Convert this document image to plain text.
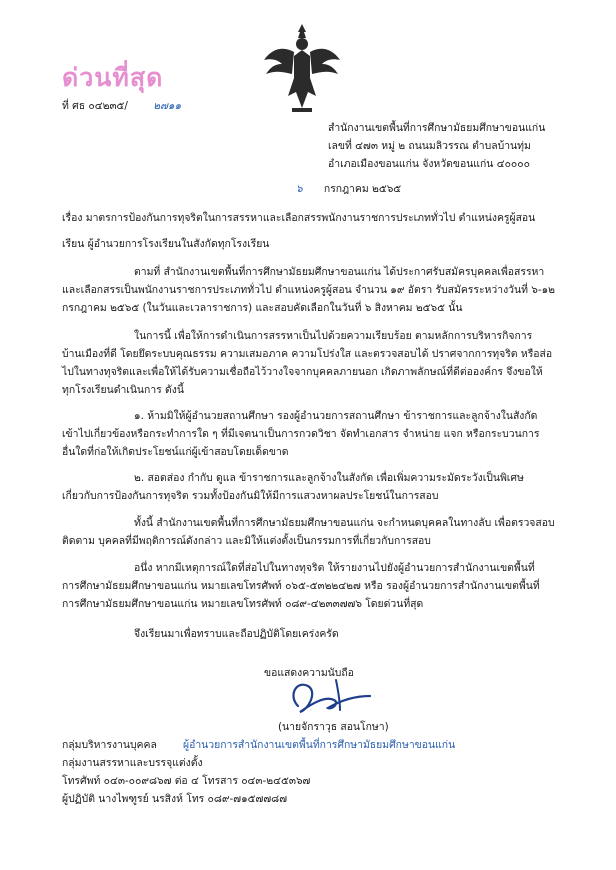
ด่วนที่สุด
ที่ ศธ ๐๔๒๓๕/ ๒๗๑๑
สำนักงานเขตพื้นที่การศึกษามัธยมศึกษาขอนแก่น
เลขที่ ๔๗๓ หมู่ ๒ ถนนมลิวรรณ ตำบลบ้านทุ่ม
อำเภอเมืองขอนแก่น จังหวัดขอนแก่น ๔๐๐๐๐
๖ กรกฎาคม ๒๕๖๕
เรื่อง มาตรการป้องกันการทุจริตในการสรรหาและเลือกสรรพนักงานราชการประเภททั่วไป ตำแหน่งครูผู้สอน
เรียน ผู้อำนวยการโรงเรียนในสังกัดทุกโรงเรียน
ตามที่ สำนักงานเขตพื้นที่การศึกษามัธยมศึกษาขอนแก่น ได้ประกาศรับสมัครบุคคลเพื่อสรรหา
และเลือกสรรเป็นพนักงานราชการประเภททั่วไป ตำแหน่งครูผู้สอน จำนวน ๑๙ อัตรา รับสมัครระหว่างวันที่ ๖-๑๒
กรกฎาคม ๒๕๖๕ (ในวันและเวลาราชการ) และสอบคัดเลือกในวันที่ ๖ สิงหาคม ๒๕๖๕ นั้น
ในการนี้ เพื่อให้การดำเนินการสรรหาเป็นไปด้วยความเรียบร้อย ตามหลักการบริหารกิจการ
บ้านเมืองที่ดี โดยยึดระบบคุณธรรม ความเสมอภาค ความโปร่งใส และตรวจสอบได้ ปราศจากการทุจริต หรือส่อ
ไปในทางทุจริตและเพื่อให้ได้รับความเชื่อถือไว้วางใจจากบุคคลภายนอก เกิดภาพลักษณ์ที่ดีต่อองค์กร จึงขอให้
ทุกโรงเรียนดำเนินการ ดังนี้
๑. ห้ามมิให้ผู้อำนวยสถานศึกษา รองผู้อำนวยการสถานศึกษา ข้าราชการและลูกจ้างในสังกัด
เข้าไปเกี่ยวข้องหรือกระทำการใด ๆ ที่มีเจตนาเป็นการกวดวิชา จัดทำเอกสาร จำหน่าย แจก หรือกระบวนการ
อื่นใดที่ก่อให้เกิดประโยชน์แก่ผู้เข้าสอบโดยเด็ดขาด
๒. สอดส่อง กำกับ ดูแล ข้าราชการและลูกจ้างในสังกัด เพื่อเพิ่มความระมัดระวังเป็นพิเศษ
เกี่ยวกับการป้องกันการทุจริต รวมทั้งป้องกันมิให้มีการแสวงหาผลประโยชน์ในการสอบ
ทั้งนี้ สำนักงานเขตพื้นที่การศึกษามัธยมศึกษาขอนแก่น จะกำหนดบุคคลในทางลับ เพื่อตรวจสอบ
ติดตาม บุคคลที่มีพฤติการณ์ดังกล่าว และมิให้แต่งตั้งเป็นกรรมการที่เกี่ยวกับการสอบ
อนึ่ง หากมีเหตุการณ์ใดที่ส่อไปในทางทุจริต ให้รายงานไปยังผู้อำนวยการสำนักงานเขตพื้นที่
การศึกษามัธยมศึกษาขอนแก่น หมายเลขโทรศัพท์ ๐๖๕-๕๓๒๒๔๒๗ หรือ รองผู้อำนวยการสำนักงานเขตพื้นที่
การศึกษามัธยมศึกษาขอนแก่น หมายเลขโทรศัพท์ ๐๘๙-๔๒๓๓๗๗๖ โดยด่วนที่สุด
จึงเรียนมาเพื่อทราบและถือปฏิบัติโดยเคร่งครัด
ขอแสดงความนับถือ
(นายจักราวุธ สอนโกษา)
ผู้อำนวยการสำนักงานเขตพื้นที่การศึกษามัธยมศึกษาขอนแก่น
กลุ่มบริหารงานบุคคล
กลุ่มงานสรรหาและบรรจุแต่งตั้ง
โทรศัพท์ ๐๔๓-๐๐๙๘๖๗ ต่อ ๔ โทรสาร ๐๔๓-๒๔๕๓๖๗
ผู้ปฏิบัติ นางไพฑูรย์ นรสิงห์ โทร ๐๘๙-๗๑๕๗๗๘๗
